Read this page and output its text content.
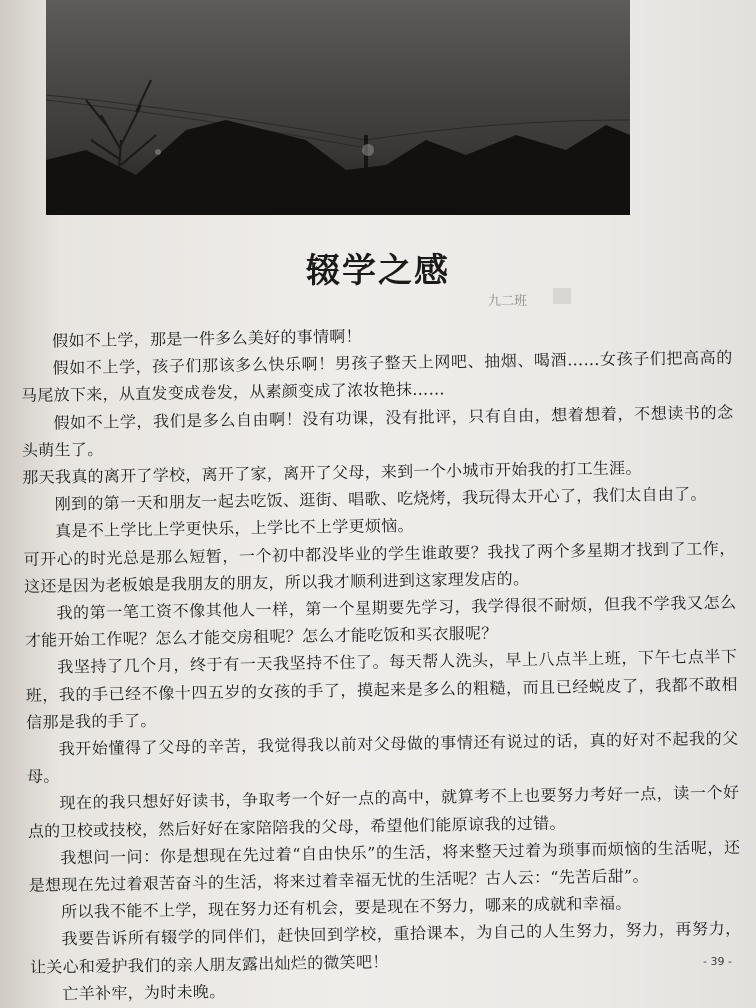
辍学之感
九二班

假如不上学，那是一件多么美好的事情啊！

假如不上学，孩子们那该多么快乐啊！男孩子整天上网吧、抽烟、喝酒……女孩子们把高高的马尾放下来，从直发变成卷发，从素颜变成了浓妆艳抹……

假如不上学，我们是多么自由啊！没有功课，没有批评，只有自由，想着想着，不想读书的念头萌生了。

那天我真的离开了学校，离开了家，离开了父母，来到一个小城市开始我的打工生涯。

刚到的第一天和朋友一起去吃饭、逛街、唱歌、吃烧烤，我玩得太开心了，我们太自由了。

真是不上学比上学更快乐，上学比不上学更烦恼。

可开心的时光总是那么短暂，一个初中都没毕业的学生谁敢要？我找了两个多星期才找到了工作，这还是因为老板娘是我朋友的朋友，所以我才顺利进到这家理发店的。

我的第一笔工资不像其他人一样，第一个星期要先学习，我学得很不耐烦，但我不学我又怎么才能开始工作呢？怎么才能交房租呢？怎么才能吃饭和买衣服呢？

我坚持了几个月，终于有一天我坚持不住了。每天帮人洗头，早上八点半上班，下午七点半下班，我的手已经不像十四五岁的女孩的手了，摸起来是多么的粗糙，而且已经蜕皮了，我都不敢相信那是我的手了。

我开始懂得了父母的辛苦，我觉得我以前对父母做的事情还有说过的话，真的好对不起我的父母。

现在的我只想好好读书，争取考一个好一点的高中，就算考不上也要努力考好一点，读一个好点的卫校或技校，然后好好在家陪陪我的父母，希望他们能原谅我的过错。

我想问一问：你是想现在先过着“自由快乐”的生活，将来整天过着为琐事而烦恼的生活呢，还是想现在先过着艰苦奋斗的生活，将来过着幸福无忧的生活呢？古人云：“先苦后甜”。

所以我不能不上学，现在努力还有机会，要是现在不努力，哪来的成就和幸福。

我要告诉所有辍学的同伴们，赶快回到学校，重拾课本，为自己的人生努力，努力，再努力，让关心和爱护我们的亲人朋友露出灿烂的微笑吧！

亡羊补牢，为时未晚。

- 39 -
